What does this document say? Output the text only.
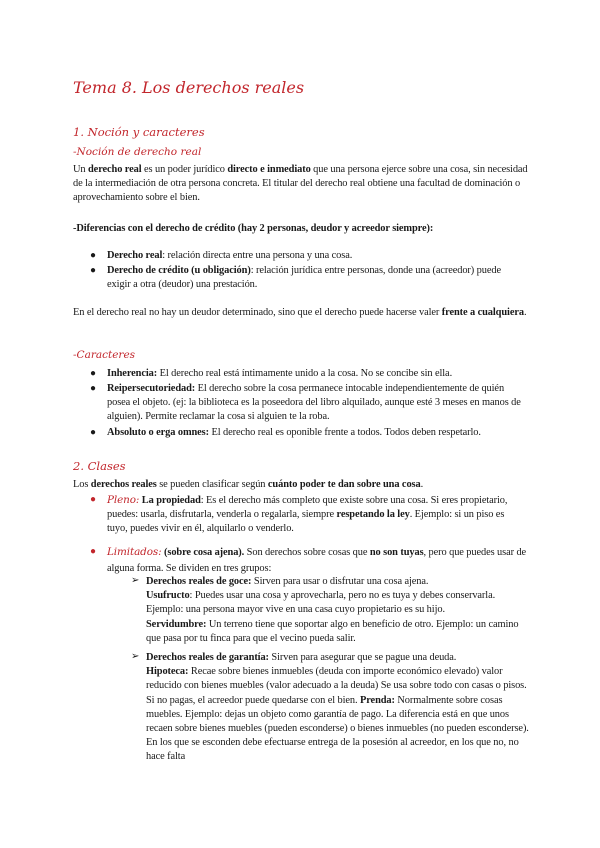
Tema 8. Los derechos reales
1. Noción y caracteres
-Noción de derecho real
Un derecho real es un poder jurídico directo e inmediato que una persona ejerce sobre una cosa, sin necesidad de la intermediación de otra persona concreta. El titular del derecho real obtiene una facultad de dominación o aprovechamiento sobre el bien.
-Diferencias con el derecho de crédito (hay 2 personas, deudor y acreedor siempre):
● Derecho real: relación directa entre una persona y una cosa.
● Derecho de crédito (u obligación): relación jurídica entre personas, donde una (acreedor) puede exigir a otra (deudor) una prestación.
En el derecho real no hay un deudor determinado, sino que el derecho puede hacerse valer frente a cualquiera.
-Caracteres
● Inherencia: El derecho real está íntimamente unido a la cosa. No se concibe sin ella.
● Reipersecutoriedad: El derecho sobre la cosa permanece intocable independientemente de quién posea el objeto. (ej: la biblioteca es la poseedora del libro alquilado, aunque esté 3 meses en manos de alguien). Permite reclamar la cosa si alguien te la roba.
● Absoluto o erga omnes: El derecho real es oponible frente a todos. Todos deben respetarlo.
2. Clases
Los derechos reales se pueden clasificar según cuánto poder te dan sobre una cosa.
● Pleno: La propiedad: Es el derecho más completo que existe sobre una cosa. Si eres propietario, puedes: usarla, disfrutarla, venderla o regalarla, siempre respetando la ley. Ejemplo: si un piso es tuyo, puedes vivir en él, alquilarlo o venderlo.
● Limitados: (sobre cosa ajena). Son derechos sobre cosas que no son tuyas, pero que puedes usar de alguna forma. Se dividen en tres grupos:
➢ Derechos reales de goce: Sirven para usar o disfrutar una cosa ajena.
Usufructo: Puedes usar una cosa y aprovecharla, pero no es tuya y debes conservarla. Ejemplo: una persona mayor vive en una casa cuyo propietario es su hijo.
Servidumbre: Un terreno tiene que soportar algo en beneficio de otro. Ejemplo: un camino que pasa por tu finca para que el vecino pueda salir.
➢ Derechos reales de garantía: Sirven para asegurar que se pague una deuda.
Hipoteca: Recae sobre bienes inmuebles (deuda con importe económico elevado) valor reducido con bienes muebles (valor adecuado a la deuda) Se usa sobre todo con casas o pisos. Si no pagas, el acreedor puede quedarse con el bien. Prenda: Normalmente sobre cosas muebles. Ejemplo: dejas un objeto como garantía de pago. La diferencia está en que unos recaen sobre bienes muebles (pueden esconderse) o bienes inmuebles (no pueden esconderse). En los que se esconden debe efectuarse entrega de la posesión al acreedor, en los que no, no hace falta
